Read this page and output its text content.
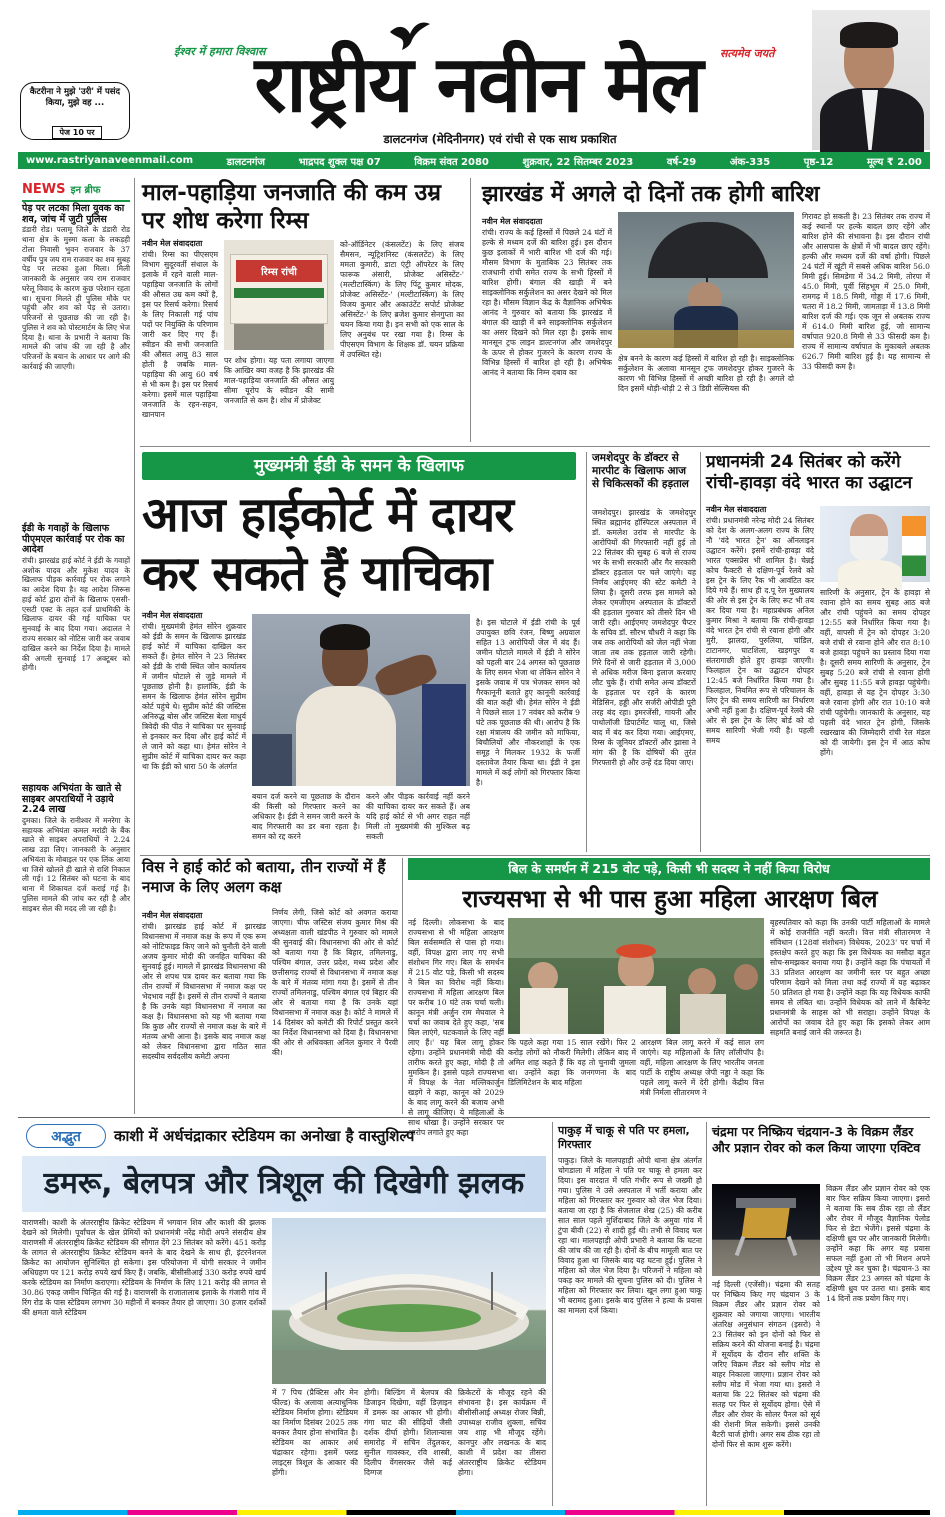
कैटरीना ने मुझे 'उरी' में पसंद किया, मुझे वह ...
पेज 10 पर
ईश्वर में हमारा विश्वास	सत्यमेव जयते
राष्ट्रीय नवीन मेल
डालटनगंज (मेदिनीनगर) एवं रांची से एक साथ प्रकाशित
www.rastriyanaveenmail.com	डालटनगंज	भाद्रपद शुक्ल पक्ष 07	विक्रम संवत 2080	शुक्रवार, 22 सितम्बर 2023	वर्ष-29	अंक-335	पृष्ठ-12	मूल्य ₹ 2.00
NEWS इन ब्रीफ
पेड़ पर लटका मिला युवक का शव, जांच में जुटी पुलिस
डंडारी रोड। पलामू जिले के डंडारी रोड थाना क्षेत्र के मुस्मा कला के लकड़ही टोला निवासी भुवन राजवार के 37 वर्षीय पुत्र जय राम राजवार का शव सुबह पेड़ पर लटका हुआ मिला। मिली जानकारी के अनुसार जय राम राजवार घरेलू विवाद के कारण कुछ परेशान रहता था। सूचना मिलते ही पुलिस मौके पर पहुंची और शव को पेड़ से उतारा। परिजनों से पूछताछ की जा रही है। पुलिस ने शव को पोस्टमार्टम के लिए भेज दिया है। थाना के प्रभारी ने बताया कि मामले की जांच की जा रही है और परिजनों के बयान के आधार पर आगे की कार्रवाई की जाएगी।
ईडी के गवाहों के खिलाफ पीएमएल कार्रवाई पर रोक का आदेश
रांची। झारखंड हाई कोर्ट ने ईडी के गवाहों अशोक यादव और मुकेश यादव के खिलाफ पीड़क कार्रवाई पर रोक लगाने का आदेश दिया है। यह आदेश जिरूस हाई कोर्ट द्वारा दोनों के खिलाफ एससी-एसटी एक्ट के तहत दर्ज प्राथमिकी के खिलाफ दायर की गई याचिका पर सुनवाई के बाद दिया गया। अदालत ने राज्य सरकार को नोटिस जारी कर जवाब दाखिल करने का निर्देश दिया है। मामले की अगली सुनवाई 17 अक्टूबर को होगी।
सहायक अभियंता के खाते से साइबर अपराधियों ने उड़ाये 2.24 लाख
दुमका। जिले के रानीश्वर में मनरेगा के सहायक अभियंता कमल मरांडी के बैंक खाते से साइबर अपराधियों ने 2.24 लाख उड़ा लिए। जानकारी के अनुसार अभियंता के मोबाइल पर एक लिंक आया था जिसे खोलते ही खाते से राशि निकाल ली गई। 12 सितंबर को घटना के बाद थाना में शिकायत दर्ज कराई गई है। पुलिस मामले की जांच कर रही है और साइबर सेल की मदद ली जा रही है।
माल-पहाड़िया जनजाति की कम उम्र पर शोध करेगा रिम्स
नवीन मेल संवाददाता
रांची। रिम्स का पीएसएम विभाग सुदूरवर्ती संथाल के इलाके में रहने वाली माल-पहाड़िया जनजाति के लोगों की औसत उम्र कम क्यों है, इस पर रिसर्च करेगा। रिसर्च के लिए निकाली गई पांच पदों पर नियुक्ति के परिणाम जारी कर दिए गए हैं। स्वीडन की सभी जनजाति की औसत आयु 83 साल होती है जबकि माल-पहाड़िया की आयु 60 वर्ष से भी कम है। इस पर रिसर्च करेगा। इसमें माल पहाड़िया जनजाति के रहन-सहन, खानपान
रिम्स रांची
पर शोध होगा। यह पता लगाया जाएगा कि आखिर क्या वजह है कि झारखंड की माल-पहाड़िया जनजाति की औसत आयु सीमा यूरोप के स्वीडन की सामी जनजाति से कम है। शोध में प्रोजेक्ट
को-ऑर्डिनेटर (कंसलटेंट) के लिए संजय सैमसन, न्यूट्रिशनिस्ट (कंसलटेंट) के लिए ममता कुमारी, डाटा एंट्री ऑपरेटर के लिए फारूक अंसारी, प्रोजेक्ट असिस्टेंट-' (मल्टीटास्किंग) के लिए पिंटू कुमार मोदक, प्रोजेक्ट असिस्टेंट-' (मल्टीटास्किंग) के लिए विजय कुमार और अकाउंटेंट सपोर्ट प्रोजेक्ट असिस्टेंट-' के लिए ब्रजेश कुमार सेनगुप्ता का चयन किया गया है। इन सभी को एक साल के लिए अनुबंध पर रखा गया है। रिम्स के पीएसएम विभाग के शिक्षक डॉ. चयन प्रक्रिया में उपस्थित रहे।
झारखंड में अगले दो दिनों तक होगी बारिश
नवीन मेल संवाददाता
रांची। राज्य के कई हिस्सों में पिछले 24 घंटों में हल्के से मध्यम दर्जे की बारिश हुई। इस दौरान कुछ इलाकों में भारी बारिश भी दर्ज की गई। मौसम विभाग के मुताबिक 23 सितंबर तक राजधानी रांची समेत राज्य के सभी हिस्सों में बारिश होगी। बंगाल की खाड़ी में बने साइक्लोनिक सर्कुलेशन का असर देखने को मिल रहा है। मौसम विज्ञान केंद्र के वैज्ञानिक अभिषेक आनंद ने गुरुवार को बताया कि झारखंड में बंगाल की खाड़ी में बने साइक्लोनिक सर्कुलेशन का असर दिखने को मिल रहा है। इसके साथ मानसून ट्रफ लाइन डाल्टनगंज और जमशेदपुर के ऊपर से होकर गुजरने के कारण राज्य के विभिन्न हिस्सों में बारिश हो रही है। अभिषेक आनंद ने बताया कि निम्न दबाव का
क्षेत्र बनने के कारण कई हिस्सों में बारिश हो रही है। साइक्लोनिक सर्कुलेशन के अलावा मानसून ट्रफ जमशेदपुर होकर गुजरने के कारण भी विभिन्न हिस्सों में अच्छी बारिश हो रही है। अगले दो दिन इसमें थोड़ी-थोड़ी 2 से 3 डिग्री सेल्सियस की
गिरावट हो सकती है। 23 सितंबर तक राज्य में कई स्थानों पर हल्के बादल छाए रहेंगे और बारिश होने की संभावना है। इस दौरान रांची और आसपास के क्षेत्रों में भी बादल छाए रहेंगे। हल्की और मध्यम दर्जे की वर्षा होगी। पिछले 24 घंटों में खूंटी में सबसे अधिक बारिश 56.0 मिमी हुई। सिमडेगा में 34.2 मिमी, तोरपा में 45.0 मिमी, पूर्वी सिंहभूम में 25.0 मिमी, रामगढ़ में 18.5 मिमी, गोड्डा में 17.6 मिमी, चतरा में 18.2 मिमी, जामताड़ा में 13.8 मिमी बारिश दर्ज की गई। एक जून से अबतक राज्य में 614.0 मिमी बारिश हुई, जो सामान्य वर्षापात 920.8 मिमी से 33 फीसदी कम है। राज्य में सामान्य वर्षापात के मुकाबले अबतक 626.7 मिमी बारिश हुई है। यह सामान्य से 33 फीसदी कम है।
मुख्यमंत्री ईडी के समन के खिलाफ
आज हाईकोर्ट में दायर कर सकते हैं याचिका
नवीन मेल संवाददाता
रांची। मुख्यमंत्री हेमंत सोरेन शुक्रवार को ईडी के समन के खिलाफ झारखंड हाई कोर्ट में याचिका दाखिल कर सकते हैं। हेमंत सोरेन ने 23 सितंबर को ईडी के रांची स्थित जोन कार्यालय में जमीन घोटाले से जुड़े मामले में पूछताछ होनी है। हालांकि, ईडी के समन के खिलाफ हेमंत सोरेन सुप्रीम कोर्ट पहुंचे थे। सुप्रीम कोर्ट की जस्टिस अनिरुद्ध बोस और जस्टिस बेला माधुर्य त्रिवेदी की पीठ ने याचिका पर सुनवाई से इनकार कर दिया और हाई कोर्ट में ले जाने को कहा था। हेमंत सोरेन ने सुप्रीम कोर्ट में याचिका दायर कर कहा था कि ईडी को धारा 50 के अंतर्गत
बयान दर्ज करने या पूछताछ के दौरान की किसी को गिरफ्तार करने का अधिकार है। ईडी ने समन जारी करने के बाद गिरफ्तारी का डर बना रहता है। समन को रद्द करने
करने और पीड़क कार्रवाई नहीं करने की याचिका दायर कर सकते हैं। अब यदि हाई कोर्ट से भी अगर राहत नहीं मिली तो मुख्यमंत्री की मुश्किल बढ़ सकती
है। इस घोटाले में ईडी रांची के पूर्व उपायुक्त छवि रंजन, बिष्णु अग्रवाल सहित 13 आरोपियों जेल में बंद हैं। जमीन घोटाले मामले में ईडी ने सोरेन को पहली बार 24 अगस्त को पूछताछ के लिए समन भेजा था लेकिन सोरेन ने इसके जवाब में पत्र भेजकर समन को गैरकानूनी बताते हुए कानूनी कार्रवाई की बात कही थी। हेमंत सोरेन ने ईडी ने पिछले साल 17 नवंबर को करीब 9 घंटे तक पूछताछ की थी। आरोप है कि रक्षा मंत्रालय की जमीन को माफिया, बिचौलियों और नौकरशाहों के एक समूह ने मिलकर 1932 के फर्जी दस्तावेज तैयार किया था। ईडी ने इस मामले में कई लोगों को गिरफ्तार किया है।
जमशेदपुर के डॉक्टर से मारपीट के खिलाफ आज से चिकित्सकों की हड़ताल
जमशेदपुर। झारखंड के जमशेदपुर स्थित ब्रह्मानंद हॉस्पिटल अस्पताल में डॉ. कमलेश उरांव से मारपीट के आरोपियों की गिरफ्तारी नहीं हुई तो 22 सितंबर की सुबह 6 बजे से राज्य भर के सभी सरकारी और गैर सरकारी डॉक्टर हड़ताल पर चले जाएंगे। यह निर्णय आईएमए की स्टेट कमेटी ने लिया है। दूसरी तरफ इस मामले को लेकर एमजीएम अस्पताल के डॉक्टरों की हड़ताल गुरुवार को तीसरे दिन भी जारी रही। आईएमए जमशेदपुर चैप्टर के सचिव डॉ. सौरभ चौधरी ने कहा कि जब तक आरोपियों को जेल नहीं भेजा जाता तब तक हड़ताल जारी रहेगी। गिरे दिनों से जारी हड़ताल में 3,000 से अधिक मरीज बिना इलाज करवाए लौट चुके हैं। रांची समेत अन्य डॉक्टरों के हड़ताल पर रहने के कारण मेडिसिन, हड्डी और सर्जरी ओपीडी पूरी तरह बंद रहा। इमरजेंसी, गायनी और पाथोलॉजी डिपार्टमेंट चालू था, जिसे बाद में बंद कर दिया गया। आईएमए, रिम्स के जूनियर डॉक्टरों और झासा ने मांग की है कि दोषियों की तुरंत गिरफ्तारी हो और उन्हें दंड दिया जाए।
प्रधानमंत्री 24 सितंबर को करेंगे रांची-हावड़ा वंदे भारत का उद्घाटन
नवीन मेल संवाददाता
रांची। प्रधानमंत्री नरेन्द्र मोदी 24 सितंबर को देश के अलग-अलग राज्य के लिए नौ 'वंदे भारत ट्रेन' का ऑनलाइन उद्घाटन करेंगे। इसमें रांची-हावड़ा वंदे भारत एक्सप्रेस भी शामिल है। चेन्नई कोच फैक्टरी से दक्षिण-पूर्व रेलवे को इस ट्रेन के लिए रैक भी आवंटित कर दिये गये हैं। साथ ही द.पू रेल मुख्यालय की ओर से इस ट्रेन के लिए रूट भी तय कर दिया गया है। महाप्रबंधक अनिल कुमार मिश्रा ने बताया कि रांची-हावड़ा वंदे भारत ट्रेन रांची से रवाना होगी और मुरी, झालदा, पुरुलिया, चांडिल, टाटानगर, घाटशिला, खड़गपुर व संतरागाछी होते हुए हावड़ा जाएगी। फिलहाल ट्रेन का उद्घाटन दोपहर 12:45 बजे निर्धारित किया गया है। फिलहाल, नियमित रूप से परिचालन के लिए ट्रेन की समय सारिणी का निर्धारण अभी नहीं हुआ है। दक्षिण-पूर्व रेलवे की ओर से इस ट्रेन के लिए बोर्ड को दो समय सारिणी भेजी गयी है। पहली समय
सारिणी के अनुसार, ट्रेन के हावड़ा से रवाना होने का समय सुबह आठ बजे और रांची पहुंचने का समय दोपहर 12:55 बजे निर्धारित किया गया है। वहीं, वापसी में ट्रेन को दोपहर 3:20 बजे रांची से रवाना होने और रात 8:10 बजे हावड़ा पहुंचने का प्रस्ताव दिया गया है। दूसरी समय सारिणी के अनुसार, ट्रेन सुबह 5:20 बजे रांची से रवाना होगी और सुबह 11:55 बजे हावड़ा पहुंचेगी। वहीं, हावड़ा से यह ट्रेन दोपहर 3:30 बजे रवाना होगी और रात 10:10 बजे रांची पहुंचेगी। जानकारी के अनुसार, यह पहली वंदे भारत ट्रेन होगी, जिसके रखरखाव की जिम्मेदारी रांची रेल मंडल को दी जायेगी। इस ट्रेन में आठ कोच होंगे।
विस ने हाई कोर्ट को बताया, तीन राज्यों में हैं नमाज के लिए अलग कक्ष
नवीन मेल संवाददाता
रांची। झारखंड हाई कोर्ट में झारखंड विधानसभा में नमाज कक्ष के रूप में एक रूम को नोटिफाइड किए जाने को चुनौती देने वाली अजय कुमार मोदी की जनहित याचिका की सुनवाई हुई। मामले में झारखंड विधानसभा की ओर से शपथ पत्र दायर कर बताया गया कि तीन राज्यों में विधानसभा में नमाज कक्ष पर भेदभाव नहीं है। इसमें से तीन राज्यों ने बताया है कि उनके यहां विधानसभा में नमाज का कक्ष है। विधानसभा को यह भी बताया गया कि कुछ और राज्यों से नमाज कक्ष के बारे में मंतव्य अभी आना है। इसके बाद नमाज कक्ष को लेकर विधानसभा द्वारा गठित सात सदस्यीय सर्वदलीय कमेटी अपना
निर्णय लेगी, जिसे कोर्ट को अवगत कराया जाएगा। चीफ जस्टिस संजय कुमार मिश्र की अध्यक्षता वाली खंडपीठ ने गुरुवार को मामले की सुनवाई की। विधानसभा की ओर से कोर्ट को बताया गया है कि बिहार, तमिलनाडु, पश्चिम बंगाल, उत्तर प्रदेश, मध्य प्रदेश और छत्तीसगढ़ राज्यों से विधानसभा में नमाज कक्ष के बारे में मंतव्य मांगा गया है। इसमें से तीन राज्यों तमिलनाडु, पश्चिम बंगाल एवं बिहार की ओर से बताया गया है कि उनके यहां विधानसभा में नमाज कक्ष है। कोर्ट ने मामले में 14 दिसंबर को कमेटी की रिपोर्ट प्रस्तुत करने का निर्देश विधानसभा को दिया है। विधानसभा की ओर से अधिवक्ता अनिल कुमार ने पैरवी की।
बिल के समर्थन में 215 वोट पड़े, किसी भी सदस्य ने नहीं किया विरोध
राज्यसभा से भी पास हुआ महिला आरक्षण बिल
नई दिल्ली। लोकसभा के बाद राज्यसभा से भी महिला आरक्षण बिल सर्वसम्मति से पास हो गया। वहीं, विपक्ष द्वारा लाए गए सभी संशोधन गिर गए। बिल के समर्थन में 215 वोट पड़े, किसी भी सदस्य ने बिल का विरोध नहीं किया। राज्यसभा में महिला आरक्षण बिल पर करीब 10 घंटे तक चर्चा चली। कानून मंत्री अर्जुन राम मेघवाल ने चर्चा का जवाब देते हुए कहा, 'सब बिल लाएंगे, घटकवाले के लिए नहीं लाए हैं।' यह बिल लागू होकर रहेगा। उन्होंने प्रधानमंत्री मोदी की तारीफ करते हुए कहा, मोदी है तो मुमकिन है। इससे पहले राज्यसभा में विपक्ष के नेता मल्लिकार्जुन खड़गे ने कहा, कानून को 2029 के बाद लागू करने की बजाय अभी से लागू कीजिए। ये महिलाओं के साथ धोखा है। उन्होंने सरकार पर आरोप लगाते हुए कहा
कि पहले कहा गया 15 साल रखेंगे। फिर 2 करोड़ लोगों को नौकरी मिलेगी। लेकिन बाद में अमित शाह कहते हैं कि वह तो चुनावी जुमला था। उन्होंने कहा कि जनगणना के बाद डिलिमिटेशन के बाद महिला
आरक्षण बिल लागू करने में कई साल लग जाएंगे। यह महिलाओं के लिए लॉलीपॉप है। वहीं, महिला आरक्षण के लिए भारतीय जनता पार्टी के राष्ट्रीय अध्यक्ष जेपी नड्डा ने कहा कि पहले लागू करने में देरी होगी। केंद्रीय वित्त मंत्री निर्मला सीतारमण ने
बृहस्पतिवार को कहा कि उनकी पार्टी महिलाओं के मामले में कोई राजनीति नहीं करती। वित्त मंत्री सीतारमण ने संविधान (128वां संशोधन) विधेयक, 2023' पर चर्चा में हस्तक्षेप करते हुए कहा कि इस विधेयक का मसौदा बहुत सोच-समझकर बनाया गया है। उन्होंने कहा कि पंचायतों में 33 प्रतिशत आरक्षण का जमीनी स्तर पर बहुत अच्छा परिणाम देखने को मिला तथा कई राज्यों में यह बढ़ाकर 50 प्रतिशत हो गया है। उन्होंने कहा कि यह विधेयक काफी समय से लंबित था। उन्होंने विधेयक को लाने में कैबिनेट प्रधानमंत्री के साहस को भी सराहा। उन्होंने विपक्ष के आरोपों का जवाब देते हुए कहा कि इसको लेकर आम सहमति बनाई जाने की जरूरत है।
अद्भुत	काशी में अर्धचंद्राकार स्टेडियम का अनोखा है वास्तुशिल्प
डमरू, बेलपत्र और त्रिशूल की दिखेगी झलक
वाराणसी। काशी के अंतरराष्ट्रीय क्रिकेट स्टेडियम में भगवान शिव और काशी की झलक देखने को मिलेगी। पूर्वांचल के खेल प्रेमियों को प्रधानमंत्री नरेंद्र मोदी अपने संसदीय क्षेत्र वाराणसी में अंतरराष्ट्रीय क्रिकेट स्टेडियम की सौगात देंगे 23 सितंबर को करेंगे। 451 करोड़ के लागत से अंतरराष्ट्रीय क्रिकेट स्टेडियम बनने के बाद देखने के साथ ही, इंटरनेशनल क्रिकेट का आयोजन सुनिश्चित हो सकेगा। इस परियोजना में योगी सरकार ने जमीन अधिग्रहण पर 121 करोड़ रुपये खर्च किए हैं। जबकि, बीसीसीआई 330 करोड़ रुपये खर्च करके स्टेडियम का निर्माण कराएगा। स्टेडियम के निर्माण के लिए 121 करोड़ की लागत से 30.86 एकड़ जमीन चिन्हित की गई है। वाराणसी के राजातालाब इलाके के गंजारी गांव में रिंग रोड के पास स्टेडियम लगभग 30 महीनों में बनकर तैयार हो जाएगा। 30 हजार दर्शकों की क्षमता वाले स्टेडियम
में 7 पिच (प्रैक्टिस और मेन फील्ड) के अलावा अत्याधुनिक स्टेडियम निर्माण होगा। स्टेडियम का निर्माण दिसंबर 2025 तक बनकर तैयार होना संभावित है। स्टेडियम का आकार अर्ध चंद्राकार रहेगा। इसमें फ्लड लाइट्स त्रिशूल के आकार की होंगी।
होगी। बिल्डिंग में बेलपत्र की डिजाइन दिखेगा, वहीं डिज़ाइन में डमरू का आकार भी होगी। गंगा घाट की सीढ़ियों जैसी दर्शक दीर्घा होगी। शिलान्यास समारोह में सचिन तेंदुलकर, सुनील गावस्कर, रवि शास्त्री, दिलीप वेंगसरकर जैसे कई दिग्गज
क्रिकेटरों के मौजूद रहने की संभावना है। इस कार्यक्रम में बीसीसीआई अध्यक्ष रोजर बिन्नी, उपाध्यक्ष राजीव शुक्ला, सचिव जय शाह भी मौजूद रहेंगे। कानपुर और लखनऊ के बाद काशी में प्रदेश का तीसरा अंतरराष्ट्रीय क्रिकेट स्टेडियम होगा।
पाकुड़ में चाकू से पति पर हमला, गिरफ्तार
पाकुड़। जिले के मालपहाड़ी ओपी थाना क्षेत्र अंतर्गत चोगडाला में महिला ने पति पर चाकू से हमला कर दिया। इस वारदात में पति गंभीर रूप से जख्मी हो गया। पुलिस ने उसे अस्पताल में भर्ती कराया और महिला को गिरफ्तार कर गुरुवार को जेल भेज दिया। बताया जा रहा है कि सेजलाल शेख (25) की करीब सात साल पहले मुर्शिदाबाद जिले के अमुवा गांव में टुंपा बीवी (22) से शादी हुई थी। तभी से विवाद चल रहा था। मालपहाड़ी ओपी प्रभारी ने बताया कि घटना की जांच की जा रही है। दोनों के बीच मामूली बात पर विवाद हुआ था जिसके बाद यह घटना हुई। पुलिस ने महिला को जेल भेज दिया है। परिजनों ने महिला को पकड़ कर मामले की सूचना पुलिस को दी। पुलिस ने महिला को गिरफ्तार कर लिया। खून लगा हुआ चाकू भी बरामद हुआ। इसके बाद पुलिस ने हत्या के प्रयास का मामला दर्ज किया।
चंद्रमा पर निष्क्रिय चंद्रयान-3 के विक्रम लैंडर और प्रज्ञान रोवर को कल किया जाएगा एक्टिव
नई दिल्ली (एजेंसी)। चंद्रमा की सतह पर निष्क्रिय किए गए चंद्रयान 3 के विक्रम लैंडर और प्रज्ञान रोवर को शुक्रवार को जगाया जाएगा। भारतीय अंतरिक्ष अनुसंधान संगठन (इसरो) ने 23 सितंबर को इन दोनों को फिर से सक्रिय करने की योजना बनाई है। चंद्रमा में सूर्योदय के दौरान सौर शक्ति के जरिए विक्रम लैंडर को स्लीप मोड से बाहर निकाला जाएगा। प्रज्ञान रोवर को स्लीप मोड में भेजा गया था। इसरो ने बताया कि 22 सितंबर को चंद्रमा की सतह पर फिर से सूर्योदय होगा। ऐसे में लैंडर और रोवर के सोलर पैनल को सूर्य की रोशनी मिल सकेगी। इससे उनकी बैटरी चार्ज होगी। अगर सब ठीक रहा तो दोनों फिर से काम शुरू करेंगे।
विक्रम लैंडर और प्रज्ञान रोवर को एक बार फिर सक्रिय किया जाएगा। इसरो ने बताया कि सब ठीक रहा तो लैंडर और रोवर में मौजूद वैज्ञानिक पेलोड फिर से डेटा भेजेंगे। इससे चंद्रमा के दक्षिणी ध्रुव पर और जानकारी मिलेगी। उन्होंने कहा कि अगर यह प्रयास सफल नहीं हुआ तो भी मिशन अपने उद्देश्य पूरे कर चुका है। चंद्रयान-3 का विक्रम लैंडर 23 अगस्त को चंद्रमा के दक्षिणी ध्रुव पर उतरा था। इसके बाद 14 दिनों तक प्रयोग किए गए।
